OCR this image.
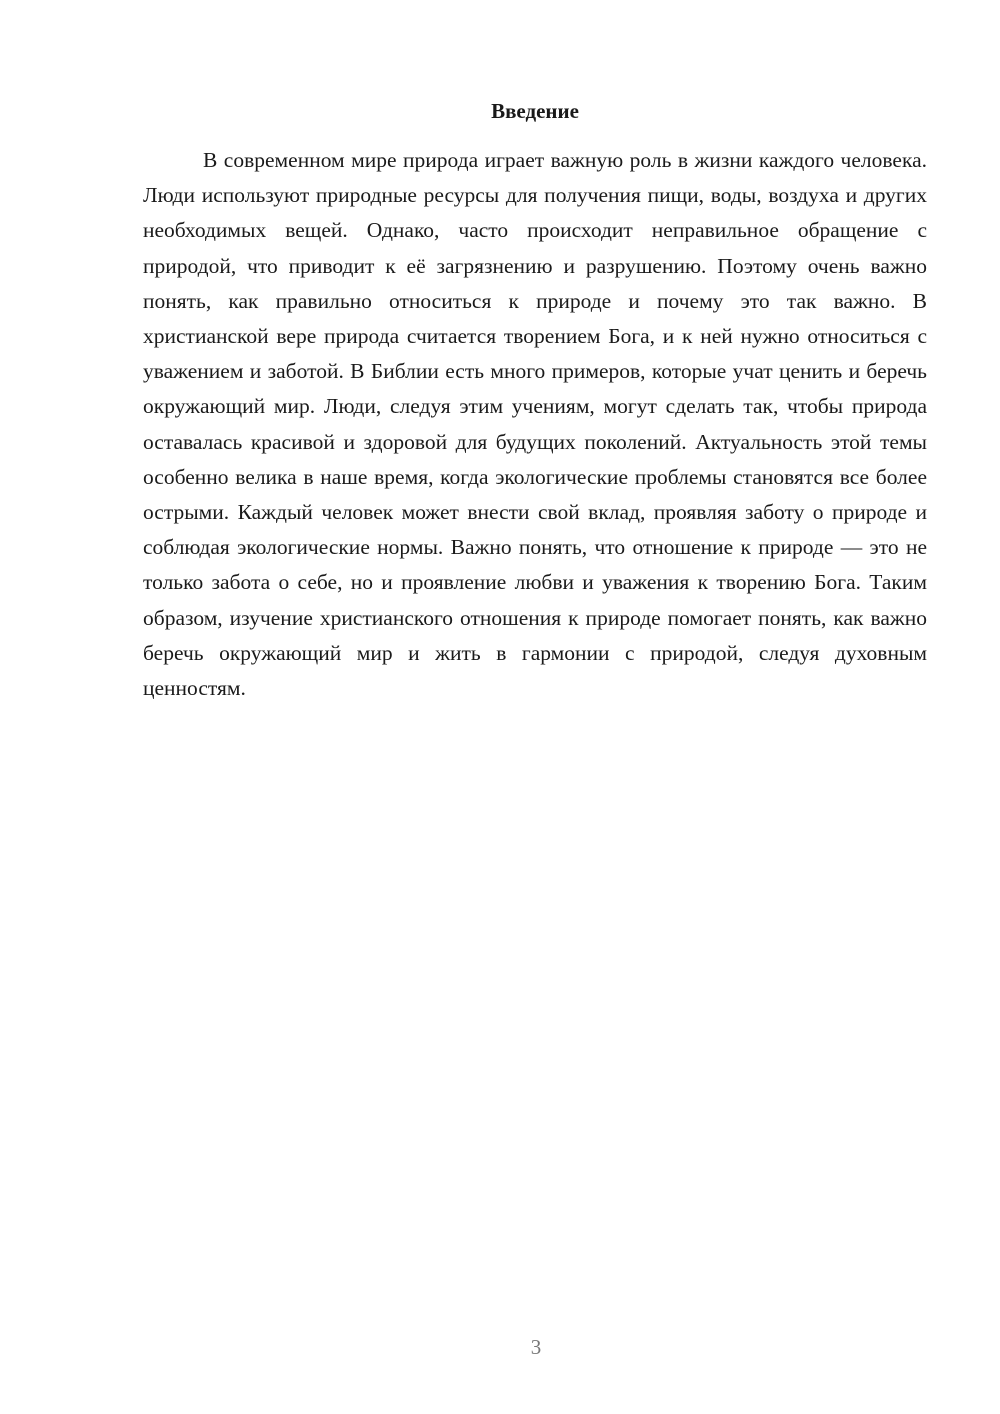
Введение

В современном мире природа играет важную роль в жизни каждого человека. Люди используют природные ресурсы для получения пищи, воды, воздуха и других необходимых вещей. Однако, часто происходит неправильное обращение с природой, что приводит к её загрязнению и разрушению. Поэтому очень важно понять, как правильно относиться к природе и почему это так важно. В христианской вере природа считается творением Бога, и к ней нужно относиться с уважением и заботой. В Библии есть много примеров, которые учат ценить и беречь окружающий мир. Люди, следуя этим учениям, могут сделать так, чтобы природа оставалась красивой и здоровой для будущих поколений. Актуальность этой темы особенно велика в наше время, когда экологические проблемы становятся все более острыми. Каждый человек может внести свой вклад, проявляя заботу о природе и соблюдая экологические нормы. Важно понять, что отношение к природе — это не только забота о себе, но и проявление любви и уважения к творению Бога. Таким образом, изучение христианского отношения к природе помогает понять, как важно беречь окружающий мир и жить в гармонии с природой, следуя духовным ценностям.

3
